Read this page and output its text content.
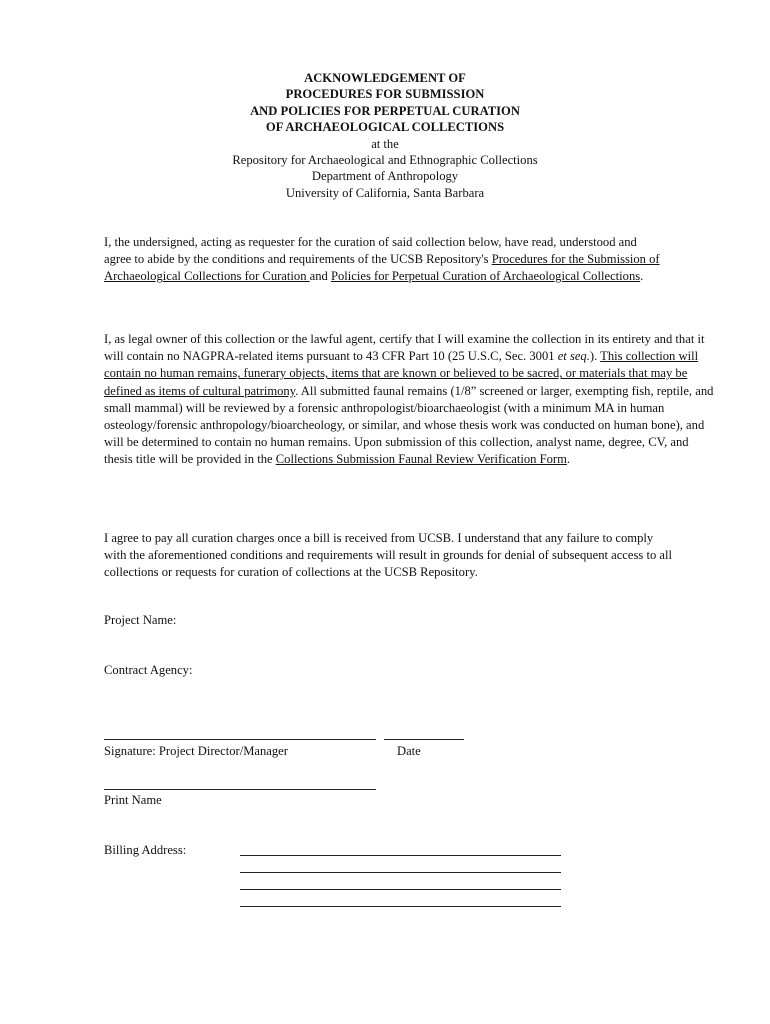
ACKNOWLEDGEMENT OF
PROCEDURES FOR SUBMISSION
AND POLICIES FOR PERPETUAL CURATION
OF ARCHAEOLOGICAL COLLECTIONS
at the
Repository for Archaeological and Ethnographic Collections
Department of Anthropology
University of California, Santa Barbara

I, the undersigned, acting as requester for the curation of said collection below, have read, understood and agree to abide by the conditions and requirements of the UCSB Repository's Procedures for the Submission of Archaeological Collections for Curation and Policies for Perpetual Curation of Archaeological Collections.

I, as legal owner of this collection or the lawful agent, certify that I will examine the collection in its entirety and that it will contain no NAGPRA-related items pursuant to 43 CFR Part 10 (25 U.S.C, Sec. 3001 et seq.). This collection will contain no human remains, funerary objects, items that are known or believed to be sacred, or materials that may be defined as items of cultural patrimony. All submitted faunal remains (1/8” screened or larger, exempting fish, reptile, and small mammal) will be reviewed by a forensic anthropologist/bioarchaeologist (with a minimum MA in human osteology/forensic anthropology/bioarcheology, or similar, and whose thesis work was conducted on human bone), and will be determined to contain no human remains. Upon submission of this collection, analyst name, degree, CV, and thesis title will be provided in the Collections Submission Faunal Review Verification Form.

I agree to pay all curation charges once a bill is received from UCSB. I understand that any failure to comply with the aforementioned conditions and requirements will result in grounds for denial of subsequent access to all collections or requests for curation of collections at the UCSB Repository.

Project Name:
Contract Agency:
Signature: Project Director/Manager	Date
Print Name
Billing Address:
